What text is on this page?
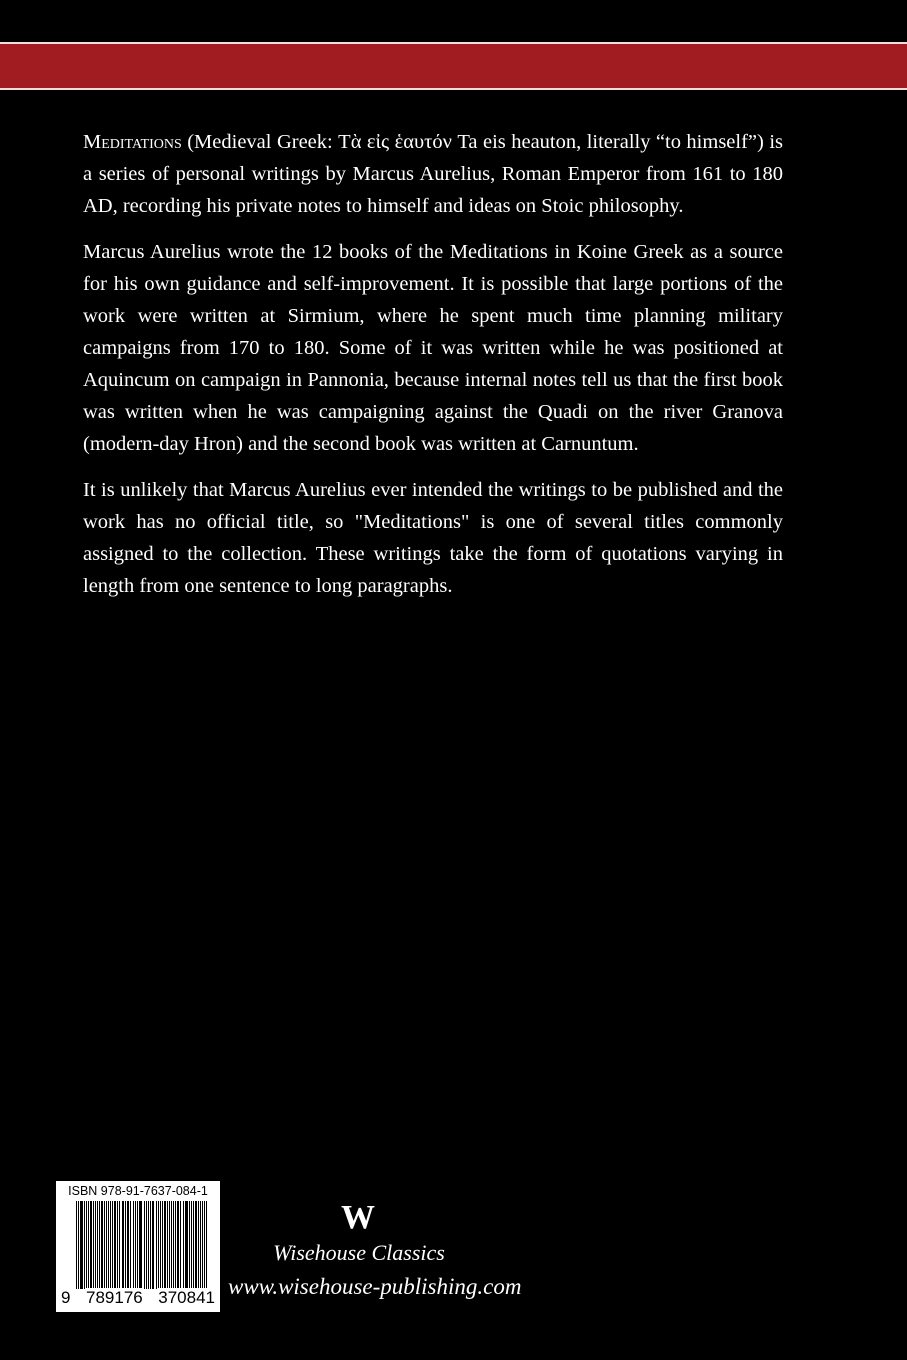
Meditations (Medieval Greek: Τὰ εἰς ἑαυτόν Ta eis heauton, literally “to himself”) is a series of personal writings by Marcus Aurelius, Roman Emperor from 161 to 180 AD, recording his private notes to himself and ideas on Stoic philosophy.

Marcus Aurelius wrote the 12 books of the Meditations in Koine Greek as a source for his own guidance and self-improvement. It is possible that large portions of the work were written at Sirmium, where he spent much time planning military campaigns from 170 to 180. Some of it was written while he was positioned at Aquincum on campaign in Pannonia, because internal notes tell us that the first book was written when he was campaigning against the Quadi on the river Granova (modern-day Hron) and the second book was written at Carnuntum.

It is unlikely that Marcus Aurelius ever intended the writings to be published and the work has no official title, so "Meditations" is one of several titles commonly assigned to the collection. These writings take the form of quotations varying in length from one sentence to long paragraphs.

ISBN 978-91-7637-084-1
9 789176 370841
W
Wisehouse Classics
www.wisehouse-publishing.com
